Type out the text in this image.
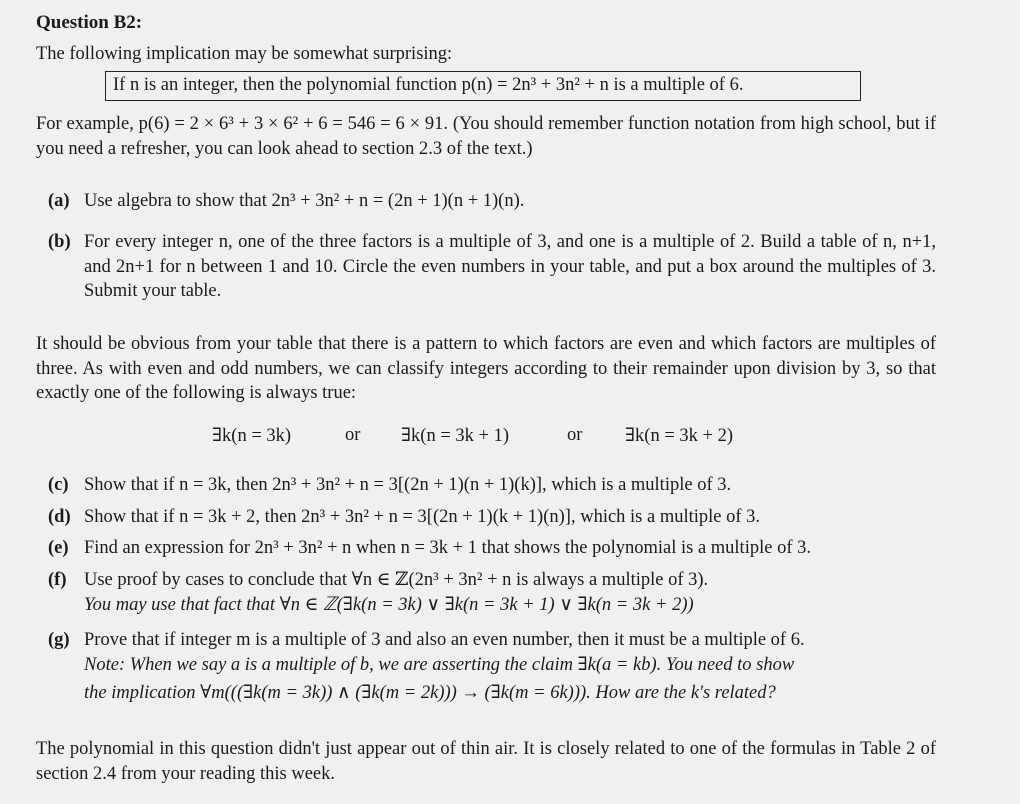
Question B2:
The following implication may be somewhat surprising:
If n is an integer, then the polynomial function p(n) = 2n³ + 3n² + n is a multiple of 6.
For example, p(6) = 2 × 6³ + 3 × 6² + 6 = 546 = 6 × 91. (You should remember function notation from high school, but if you need a refresher, you can look ahead to section 2.3 of the text.)
(a) Use algebra to show that 2n³ + 3n² + n = (2n + 1)(n + 1)(n).
(b) For every integer n, one of the three factors is a multiple of 3, and one is a multiple of 2. Build a table of n, n+1, and 2n+1 for n between 1 and 10. Circle the even numbers in your table, and put a box around the multiples of 3. Submit your table.
It should be obvious from your table that there is a pattern to which factors are even and which factors are multiples of three. As with even and odd numbers, we can classify integers according to their remainder upon division by 3, so that exactly one of the following is always true:
∃k(n = 3k)	or ∃k(n = 3k + 1)	or ∃k(n = 3k + 2)
(c) Show that if n = 3k, then 2n³ + 3n² + n = 3[(2n + 1)(n + 1)(k)], which is a multiple of 3.
(d) Show that if n = 3k + 2, then 2n³ + 3n² + n = 3[(2n + 1)(k + 1)(n)], which is a multiple of 3.
(e) Find an expression for 2n³ + 3n² + n when n = 3k + 1 that shows the polynomial is a multiple of 3.
(f) Use proof by cases to conclude that ∀n ∈ ℤ(2n³ + 3n² + n is always a multiple of 3).
You may use that fact that ∀n ∈ ℤ(∃k(n = 3k) ∨ ∃k(n = 3k + 1) ∨ ∃k(n = 3k + 2))
(g) Prove that if integer m is a multiple of 3 and also an even number, then it must be a multiple of 6.
Note: When we say a is a multiple of b, we are asserting the claim ∃k(a = kb). You need to show
the implication ∀m(((∃k(m = 3k)) ∧ (∃k(m = 2k))) → (∃k(m = 6k))). How are the k's related?
The polynomial in this question didn't just appear out of thin air. It is closely related to one of the formulas in Table 2 of section 2.4 from your reading this week.
